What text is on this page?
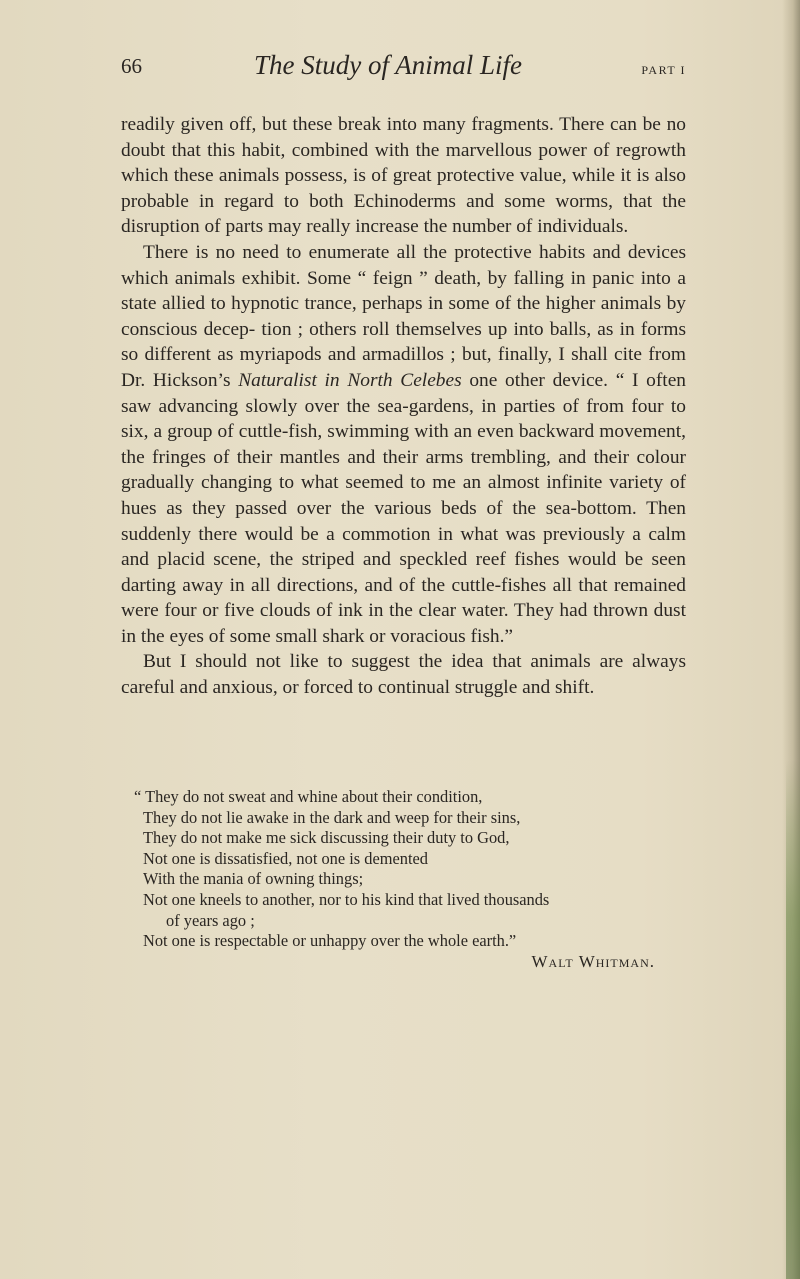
66	The Study of Animal Life	PART I

readily given off, but these break into many fragments. There can be no doubt that this habit, combined with the marvellous power of regrowth which these animals possess, is of great protective value, while it is also probable in regard to both Echinoderms and some worms, that the disruption of parts may really increase the number of individuals.

There is no need to enumerate all the protective habits and devices which animals exhibit. Some “ feign ” death, by falling in panic into a state allied to hypnotic trance, perhaps in some of the higher animals by conscious decep- tion ; others roll themselves up into balls, as in forms so different as myriapods and armadillos ; but, finally, I shall cite from Dr. Hickson’s Naturalist in North Celebes one other device. “ I often saw advancing slowly over the sea-gardens, in parties of from four to six, a group of cuttle-fish, swimming with an even backward movement, the fringes of their mantles and their arms trembling, and their colour gradually changing to what seemed to me an almost infinite variety of hues as they passed over the various beds of the sea-bottom. Then suddenly there would be a commotion in what was previously a calm and placid scene, the striped and speckled reef fishes would be seen darting away in all directions, and of the cuttle-fishes all that remained were four or five clouds of ink in the clear water. They had thrown dust in the eyes of some small shark or voracious fish.”

But I should not like to suggest the idea that animals are always careful and anxious, or forced to continual struggle and shift.

“ They do not sweat and whine about their condition,
They do not lie awake in the dark and weep for their sins,
They do not make me sick discussing their duty to God,
Not one is dissatisfied, not one is demented
With the mania of owning things;
Not one kneels to another, nor to his kind that lived thousands
of years ago ;
Not one is respectable or unhappy over the whole earth.”
Walt Whitman.
